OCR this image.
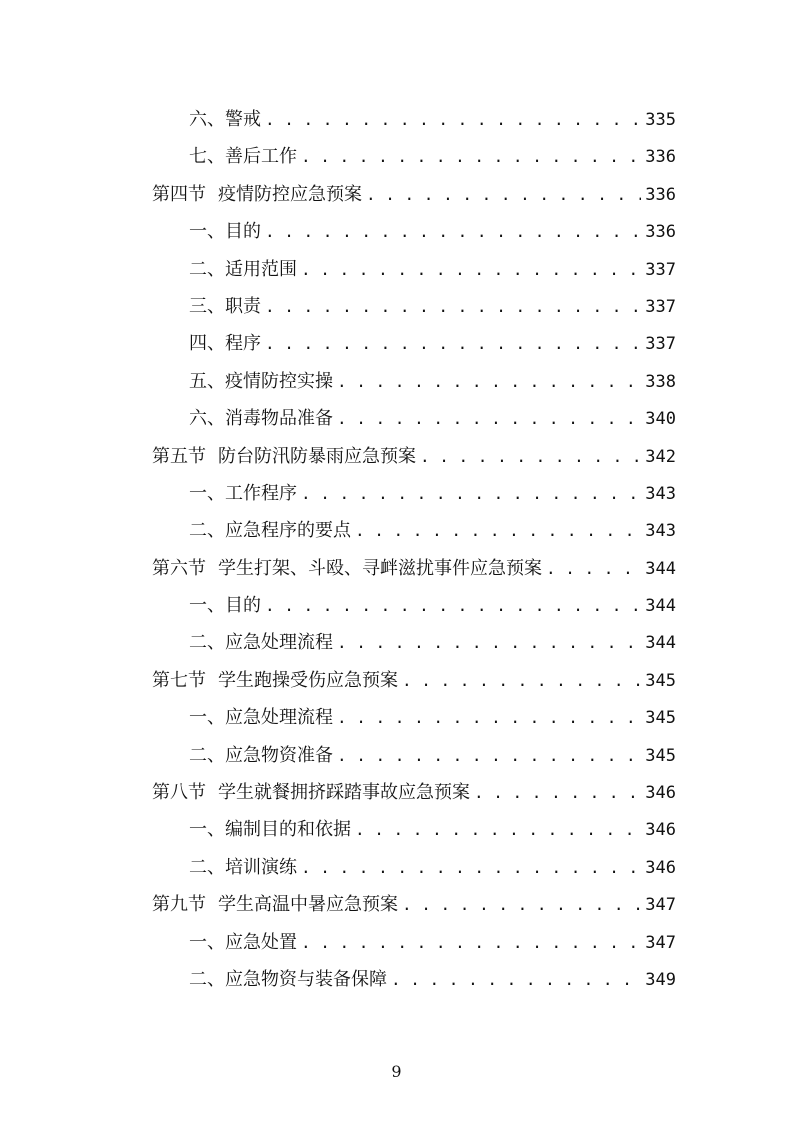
六、警戒 . . .	335
七、善后工作 . . .	336
第四节 疫情防控应急预案 . . .	336
一、目的 . . .	336
二、适用范围 . . .	337
三、职责 . . .	337
四、程序 . . .	337
五、疫情防控实操 . . .	338
六、消毒物品准备 . . .	340
第五节 防台防汛防暴雨应急预案 . . .	342
一、工作程序 . . .	343
二、应急程序的要点 . . .	343
第六节 学生打架、斗殴、寻衅滋扰事件应急预案 . . .	344
一、目的 . . .	344
二、应急处理流程 . . .	344
第七节 学生跑操受伤应急预案 . . .	345
一、应急处理流程 . . .	345
二、应急物资准备 . . .	345
第八节 学生就餐拥挤踩踏事故应急预案 . . .	346
一、编制目的和依据 . . .	346
二、培训演练 . . .	346
第九节 学生高温中暑应急预案 . . .	347
一、应急处置 . . .	347
二、应急物资与装备保障 . . .	349
9
